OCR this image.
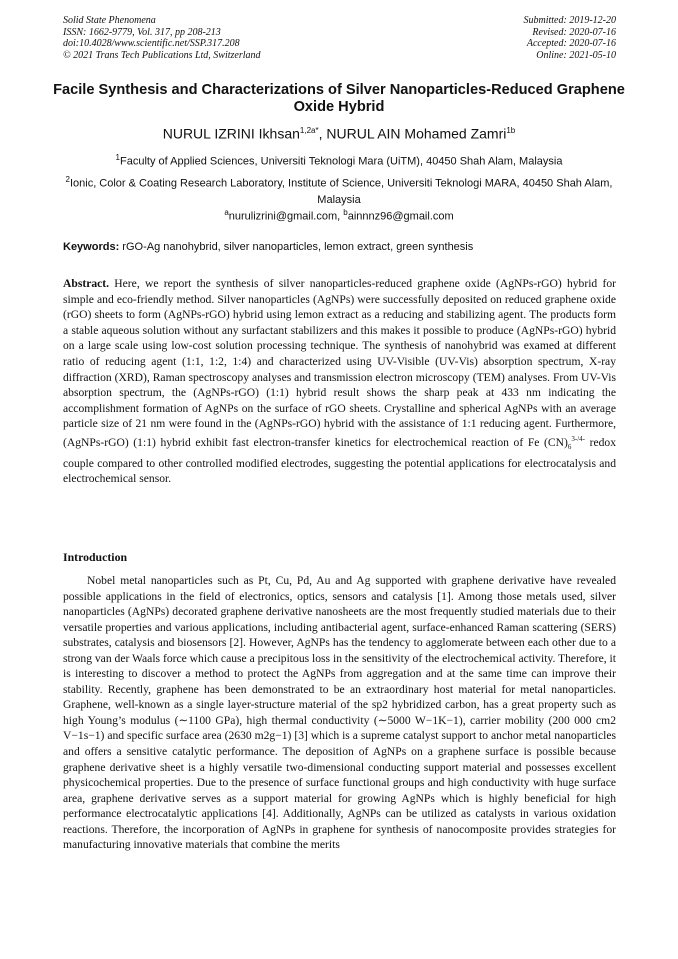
Solid State Phenomena
ISSN: 1662-9779, Vol. 317, pp 208-213
doi:10.4028/www.scientific.net/SSP.317.208
© 2021 Trans Tech Publications Ltd, Switzerland
Submitted: 2019-12-20
Revised: 2020-07-16
Accepted: 2020-07-16
Online: 2021-05-10
Facile Synthesis and Characterizations of Silver Nanoparticles-Reduced Graphene Oxide Hybrid
NURUL IZRINI Ikhsan$^{1,2a*}$, NURUL AIN Mohamed Zamri$^{1b}$
$^1$Faculty of Applied Sciences, Universiti Teknologi Mara (UiTM), 40450 Shah Alam, Malaysia
$^2$Ionic, Color & Coating Research Laboratory, Institute of Science, Universiti Teknologi MARA, 40450 Shah Alam, Malaysia
$^a$nurulizrini@gmail.com, $^b$ainnnz96@gmail.com
Keywords: rGO-Ag nanohybrid, silver nanoparticles, lemon extract, green synthesis
Abstract. Here, we report the synthesis of silver nanoparticles-reduced graphene oxide (AgNPs-rGO) hybrid for simple and eco-friendly method. Silver nanoparticles (AgNPs) were successfully deposited on reduced graphene oxide (rGO) sheets to form (AgNPs-rGO) hybrid using lemon extract as a reducing and stabilizing agent. The products form a stable aqueous solution without any surfactant stabilizers and this makes it possible to produce (AgNPs-rGO) hybrid on a large scale using low-cost solution processing technique. The synthesis of nanohybrid was examed at different ratio of reducing agent (1:1, 1:2, 1:4) and characterized using UV-Visible (UV-Vis) absorption spectrum, X-ray diffraction (XRD), Raman spectroscopy analyses and transmission electron microscopy (TEM) analyses. From UV-Vis absorption spectrum, the (AgNPs-rGO) (1:1) hybrid result shows the sharp peak at 433 nm indicating the accomplishment formation of AgNPs on the surface of rGO sheets. Crystalline and spherical AgNPs with an average particle size of 21 nm were found in the (AgNPs-rGO) hybrid with the assistance of 1:1 reducing agent. Furthermore, (AgNPs-rGO) (1:1) hybrid exhibit fast electron-transfer kinetics for electrochemical reaction of Fe $(CN)_6^{3-/4-}$ redox couple compared to other controlled modified electrodes, suggesting the potential applications for electrocatalysis and electrochemical sensor.
Introduction
Nobel metal nanoparticles such as Pt, Cu, Pd, Au and Ag supported with graphene derivative have revealed possible applications in the field of electronics, optics, sensors and catalysis [1]. Among those metals used, silver nanoparticles (AgNPs) decorated graphene derivative nanosheets are the most frequently studied materials due to their versatile properties and various applications, including antibacterial agent, surface-enhanced Raman scattering (SERS) substrates, catalysis and biosensors [2]. However, AgNPs has the tendency to agglomerate between each other due to a strong van der Waals force which cause a precipitous loss in the sensitivity of the electrochemical activity. Therefore, it is interesting to discover a method to protect the AgNPs from aggregation and at the same time can improve their stability. Recently, graphene has been demonstrated to be an extraordinary host material for metal nanoparticles. Graphene, well-known as a single layer-structure material of the sp2 hybridized carbon, has a great property such as high Young’s modulus (∼1100 GPa), high thermal conductivity (∼5000 W−1K−1), carrier mobility (200 000 cm2 V−1s−1) and specific surface area (2630 m2g−1) [3] which is a supreme catalyst support to anchor metal nanoparticles and offers a sensitive catalytic performance. The deposition of AgNPs on a graphene surface is possible because graphene derivative sheet is a highly versatile two-dimensional conducting support material and possesses excellent physicochemical properties. Due to the presence of surface functional groups and high conductivity with huge surface area, graphene derivative serves as a support material for growing AgNPs which is highly beneficial for high performance electrocatalytic applications [4]. Additionally, AgNPs can be utilized as catalysts in various oxidation reactions. Therefore, the incorporation of AgNPs in graphene for synthesis of nanocomposite provides strategies for manufacturing innovative materials that combine the merits
